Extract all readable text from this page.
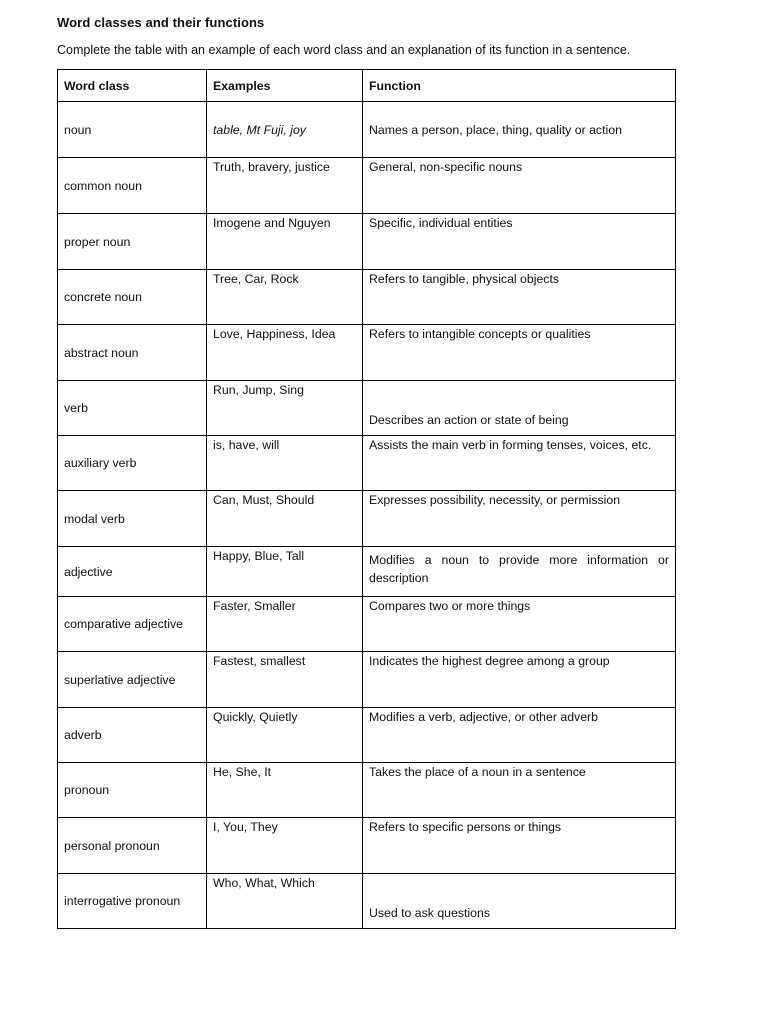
Word classes and their functions
Complete the table with an example of each word class and an explanation of its function in a sentence.
Word class	Examples	Function
noun	table, Mt Fuji, joy	Names a person, place, thing, quality or action
common noun	Truth, bravery, justice	General, non-specific nouns
proper noun	Imogene and Nguyen	Specific, individual entities
concrete noun	Tree, Car, Rock	Refers to tangible, physical objects
abstract noun	Love, Happiness, Idea	Refers to intangible concepts or qualities
verb	Run, Jump, Sing	Describes an action or state of being
auxiliary verb	is, have, will	Assists the main verb in forming tenses, voices, etc.
modal verb	Can, Must, Should	Expresses possibility, necessity, or permission
adjective	Happy, Blue, Tall	Modifies a noun to provide more information or description
comparative adjective	Faster, Smaller	Compares two or more things
superlative adjective	Fastest, smallest	Indicates the highest degree among a group
adverb	Quickly, Quietly	Modifies a verb, adjective, or other adverb
pronoun	He, She, It	Takes the place of a noun in a sentence
personal pronoun	I, You, They	Refers to specific persons or things
interrogative pronoun	Who, What, Which	Used to ask questions
